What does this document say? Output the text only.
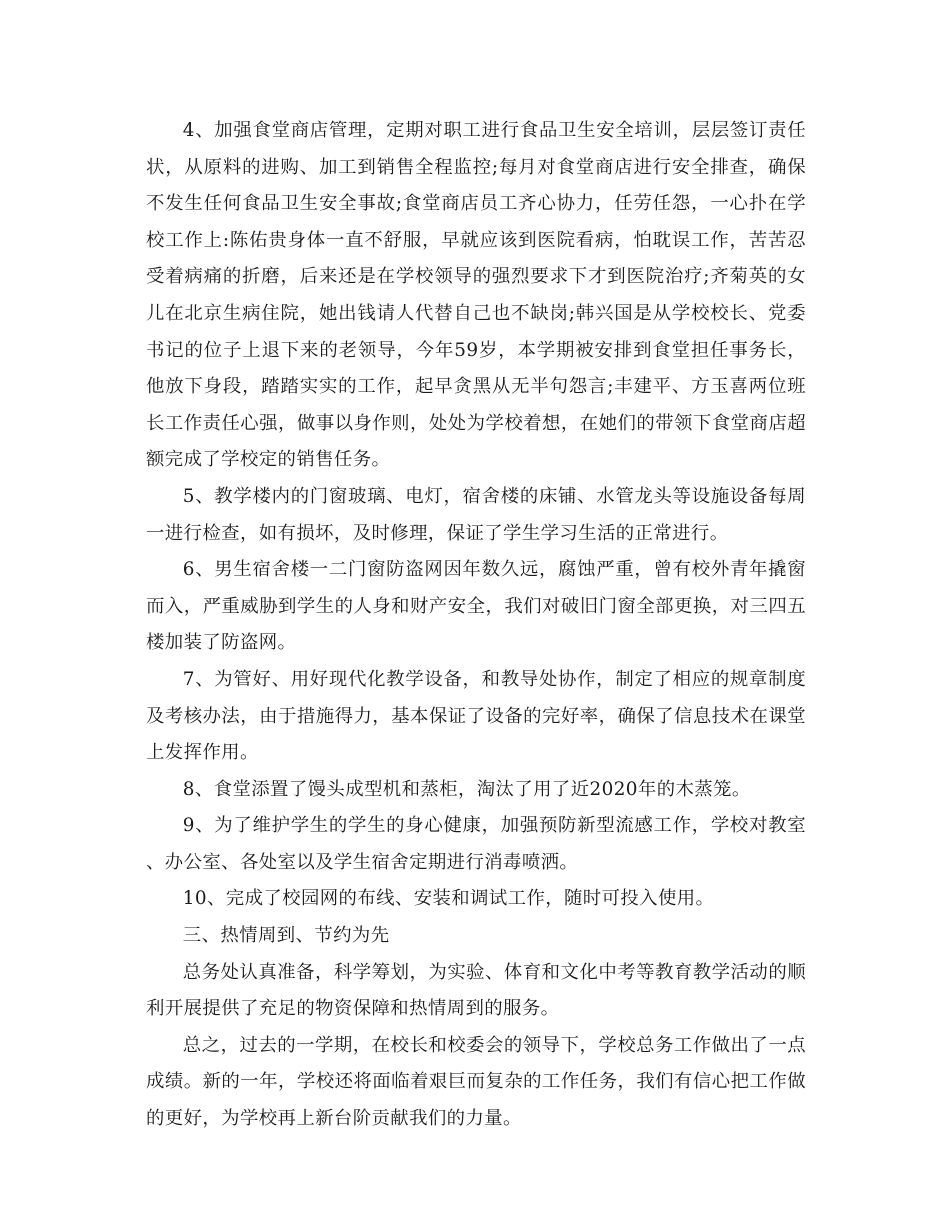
4、加强食堂商店管理，定期对职工进行食品卫生安全培训，层层签订责任状，从原料的进购、加工到销售全程监控;每月对食堂商店进行安全排查，确保不发生任何食品卫生安全事故;食堂商店员工齐心协力，任劳任怨，一心扑在学校工作上:陈佑贵身体一直不舒服，早就应该到医院看病，怕耽误工作，苦苦忍受着病痛的折磨，后来还是在学校领导的强烈要求下才到医院治疗;齐菊英的女儿在北京生病住院，她出钱请人代替自己也不缺岗;韩兴国是从学校校长、党委书记的位子上退下来的老领导，今年59岁，本学期被安排到食堂担任事务长，他放下身段，踏踏实实的工作，起早贪黑从无半句怨言;丰建平、方玉喜两位班长工作责任心强，做事以身作则，处处为学校着想，在她们的带领下食堂商店超额完成了学校定的销售任务。

5、教学楼内的门窗玻璃、电灯，宿舍楼的床铺、水管龙头等设施设备每周一进行检查，如有损坏，及时修理，保证了学生学习生活的正常进行。

6、男生宿舍楼一二门窗防盗网因年数久远，腐蚀严重，曾有校外青年撬窗而入，严重威胁到学生的人身和财产安全，我们对破旧门窗全部更换，对三四五楼加装了防盗网。

7、为管好、用好现代化教学设备，和教导处协作，制定了相应的规章制度及考核办法，由于措施得力，基本保证了设备的完好率，确保了信息技术在课堂上发挥作用。

8、食堂添置了馒头成型机和蒸柜，淘汰了用了近2020年的木蒸笼。

9、为了维护学生的学生的身心健康，加强预防新型流感工作，学校对教室、办公室、各处室以及学生宿舍定期进行消毒喷洒。

10、完成了校园网的布线、安装和调试工作，随时可投入使用。

三、热情周到、节约为先

总务处认真准备，科学筹划，为实验、体育和文化中考等教育教学活动的顺利开展提供了充足的物资保障和热情周到的服务。

总之，过去的一学期，在校长和校委会的领导下，学校总务工作做出了一点成绩。新的一年，学校还将面临着艰巨而复杂的工作任务，我们有信心把工作做的更好，为学校再上新台阶贡献我们的力量。
